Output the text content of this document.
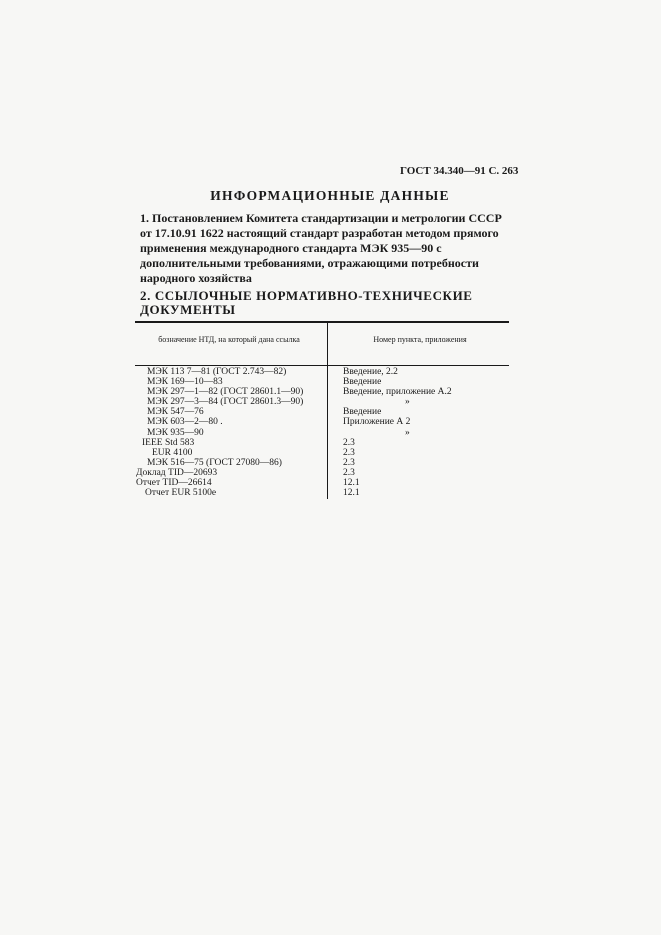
ГОСТ 34.340—91 С. 263
ИНФОРМАЦИОННЫЕ ДАННЫЕ
1. Постановлением Комитета стандартизации и метрологии СССР от 17.10.91 1622 настоящий стандарт разработан методом прямого применения международного стандарта МЭК 935—90 с дополнительными требованиями, отражающими потребности народного хозяйства
2. ССЫЛОЧНЫЕ НОРМАТИВНО-ТЕХНИЧЕСКИЕ ДОКУМЕНТЫ
бозначение НТД, на который дана ссылка	Номер пункта, приложения
МЭК 113 7—81 (ГОСТ 2.743—82)	Введение, 2.2
МЭК 169—10—83	Введение
МЭК 297—1—82 (ГОСТ 28601.1—90)	Введение, приложение А.2
МЭК 297—3—84 (ГОСТ 28601.3—90)	»
МЭК 547—76	Введение
МЭК 603—2—80 .	Приложение А 2
МЭК 935—90	»
IEEE Std 583	2.3
EUR 4100	2.3
МЭК 516—75 (ГОСТ 27080—86)	2.3
Доклад TID—20693	2.3
Отчет TID—26614	12.1
Отчет EUR 5100e	12.1
